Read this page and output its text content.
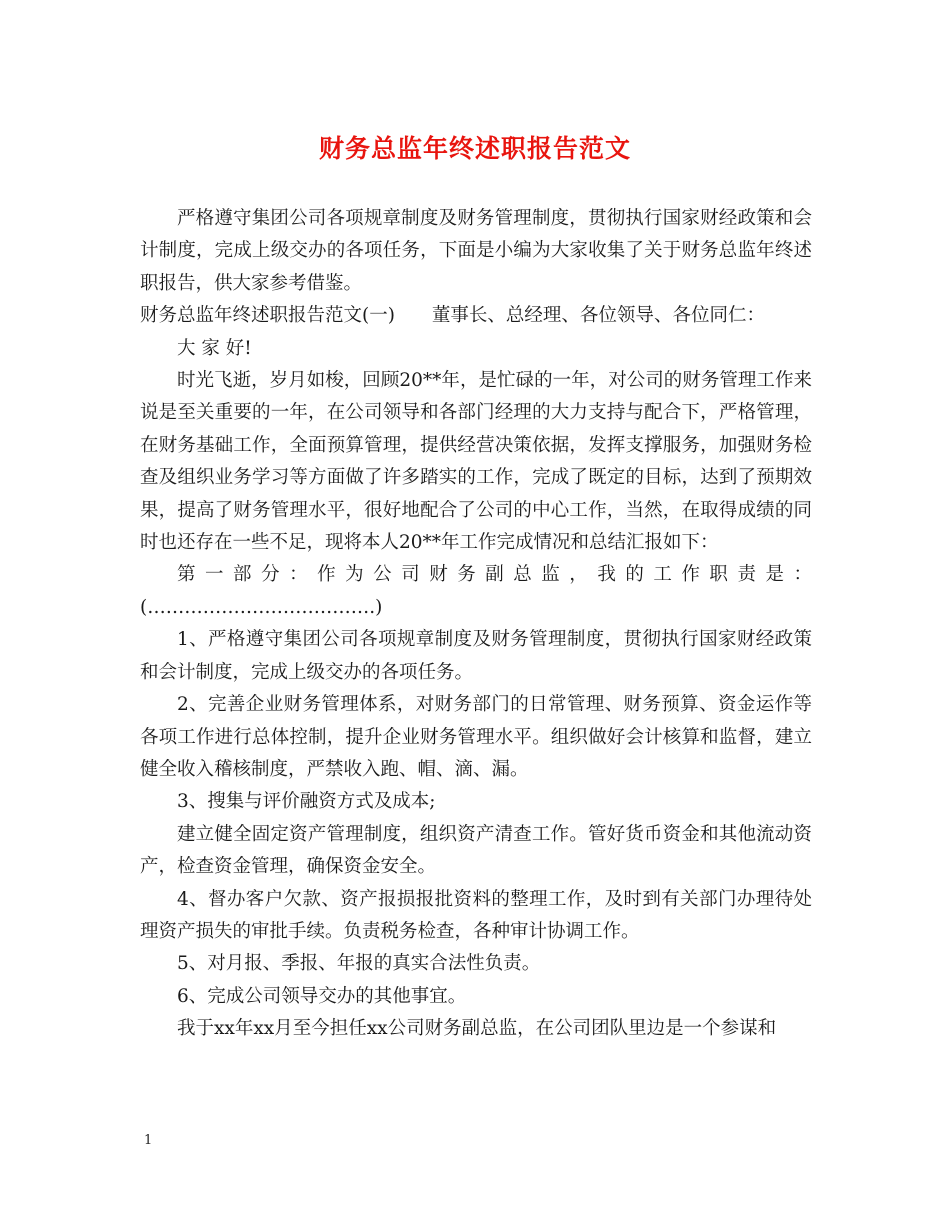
财务总监年终述职报告范文

严格遵守集团公司各项规章制度及财务管理制度，贯彻执行国家财经政策和会计制度，完成上级交办的各项任务，下面是小编为大家收集了关于财务总监年终述职报告，供大家参考借鉴。

财务总监年终述职报告范文(一)　　董事长、总经理、各位领导、各位同仁：

大 家 好!

时光飞逝，岁月如梭，回顾20**年，是忙碌的一年，对公司的财务管理工作来说是至关重要的一年，在公司领导和各部门经理的大力支持与配合下，严格管理，在财务基础工作，全面预算管理，提供经营决策依据，发挥支撑服务，加强财务检查及组织业务学习等方面做了许多踏实的工作，完成了既定的目标，达到了预期效果，提高了财务管理水平，很好地配合了公司的中心工作，当然，在取得成绩的同时也还存在一些不足，现将本人20**年工作完成情况和总结汇报如下：

第一部分：作为公司财务副总监，我的工作职责是：(……………………………….)

1、严格遵守集团公司各项规章制度及财务管理制度，贯彻执行国家财经政策和会计制度，完成上级交办的各项任务。

2、完善企业财务管理体系，对财务部门的日常管理、财务预算、资金运作等各项工作进行总体控制，提升企业财务管理水平。组织做好会计核算和监督，建立健全收入稽核制度，严禁收入跑、帽、滴、漏。

3、搜集与评价融资方式及成本;

建立健全固定资产管理制度，组织资产清查工作。管好货币资金和其他流动资产，检查资金管理，确保资金安全。

4、督办客户欠款、资产报损报批资料的整理工作，及时到有关部门办理待处理资产损失的审批手续。负责税务检查，各种审计协调工作。

5、对月报、季报、年报的真实合法性负责。

6、完成公司领导交办的其他事宜。

我于xx年xx月至今担任xx公司财务副总监，在公司团队里边是一个参谋和

1
